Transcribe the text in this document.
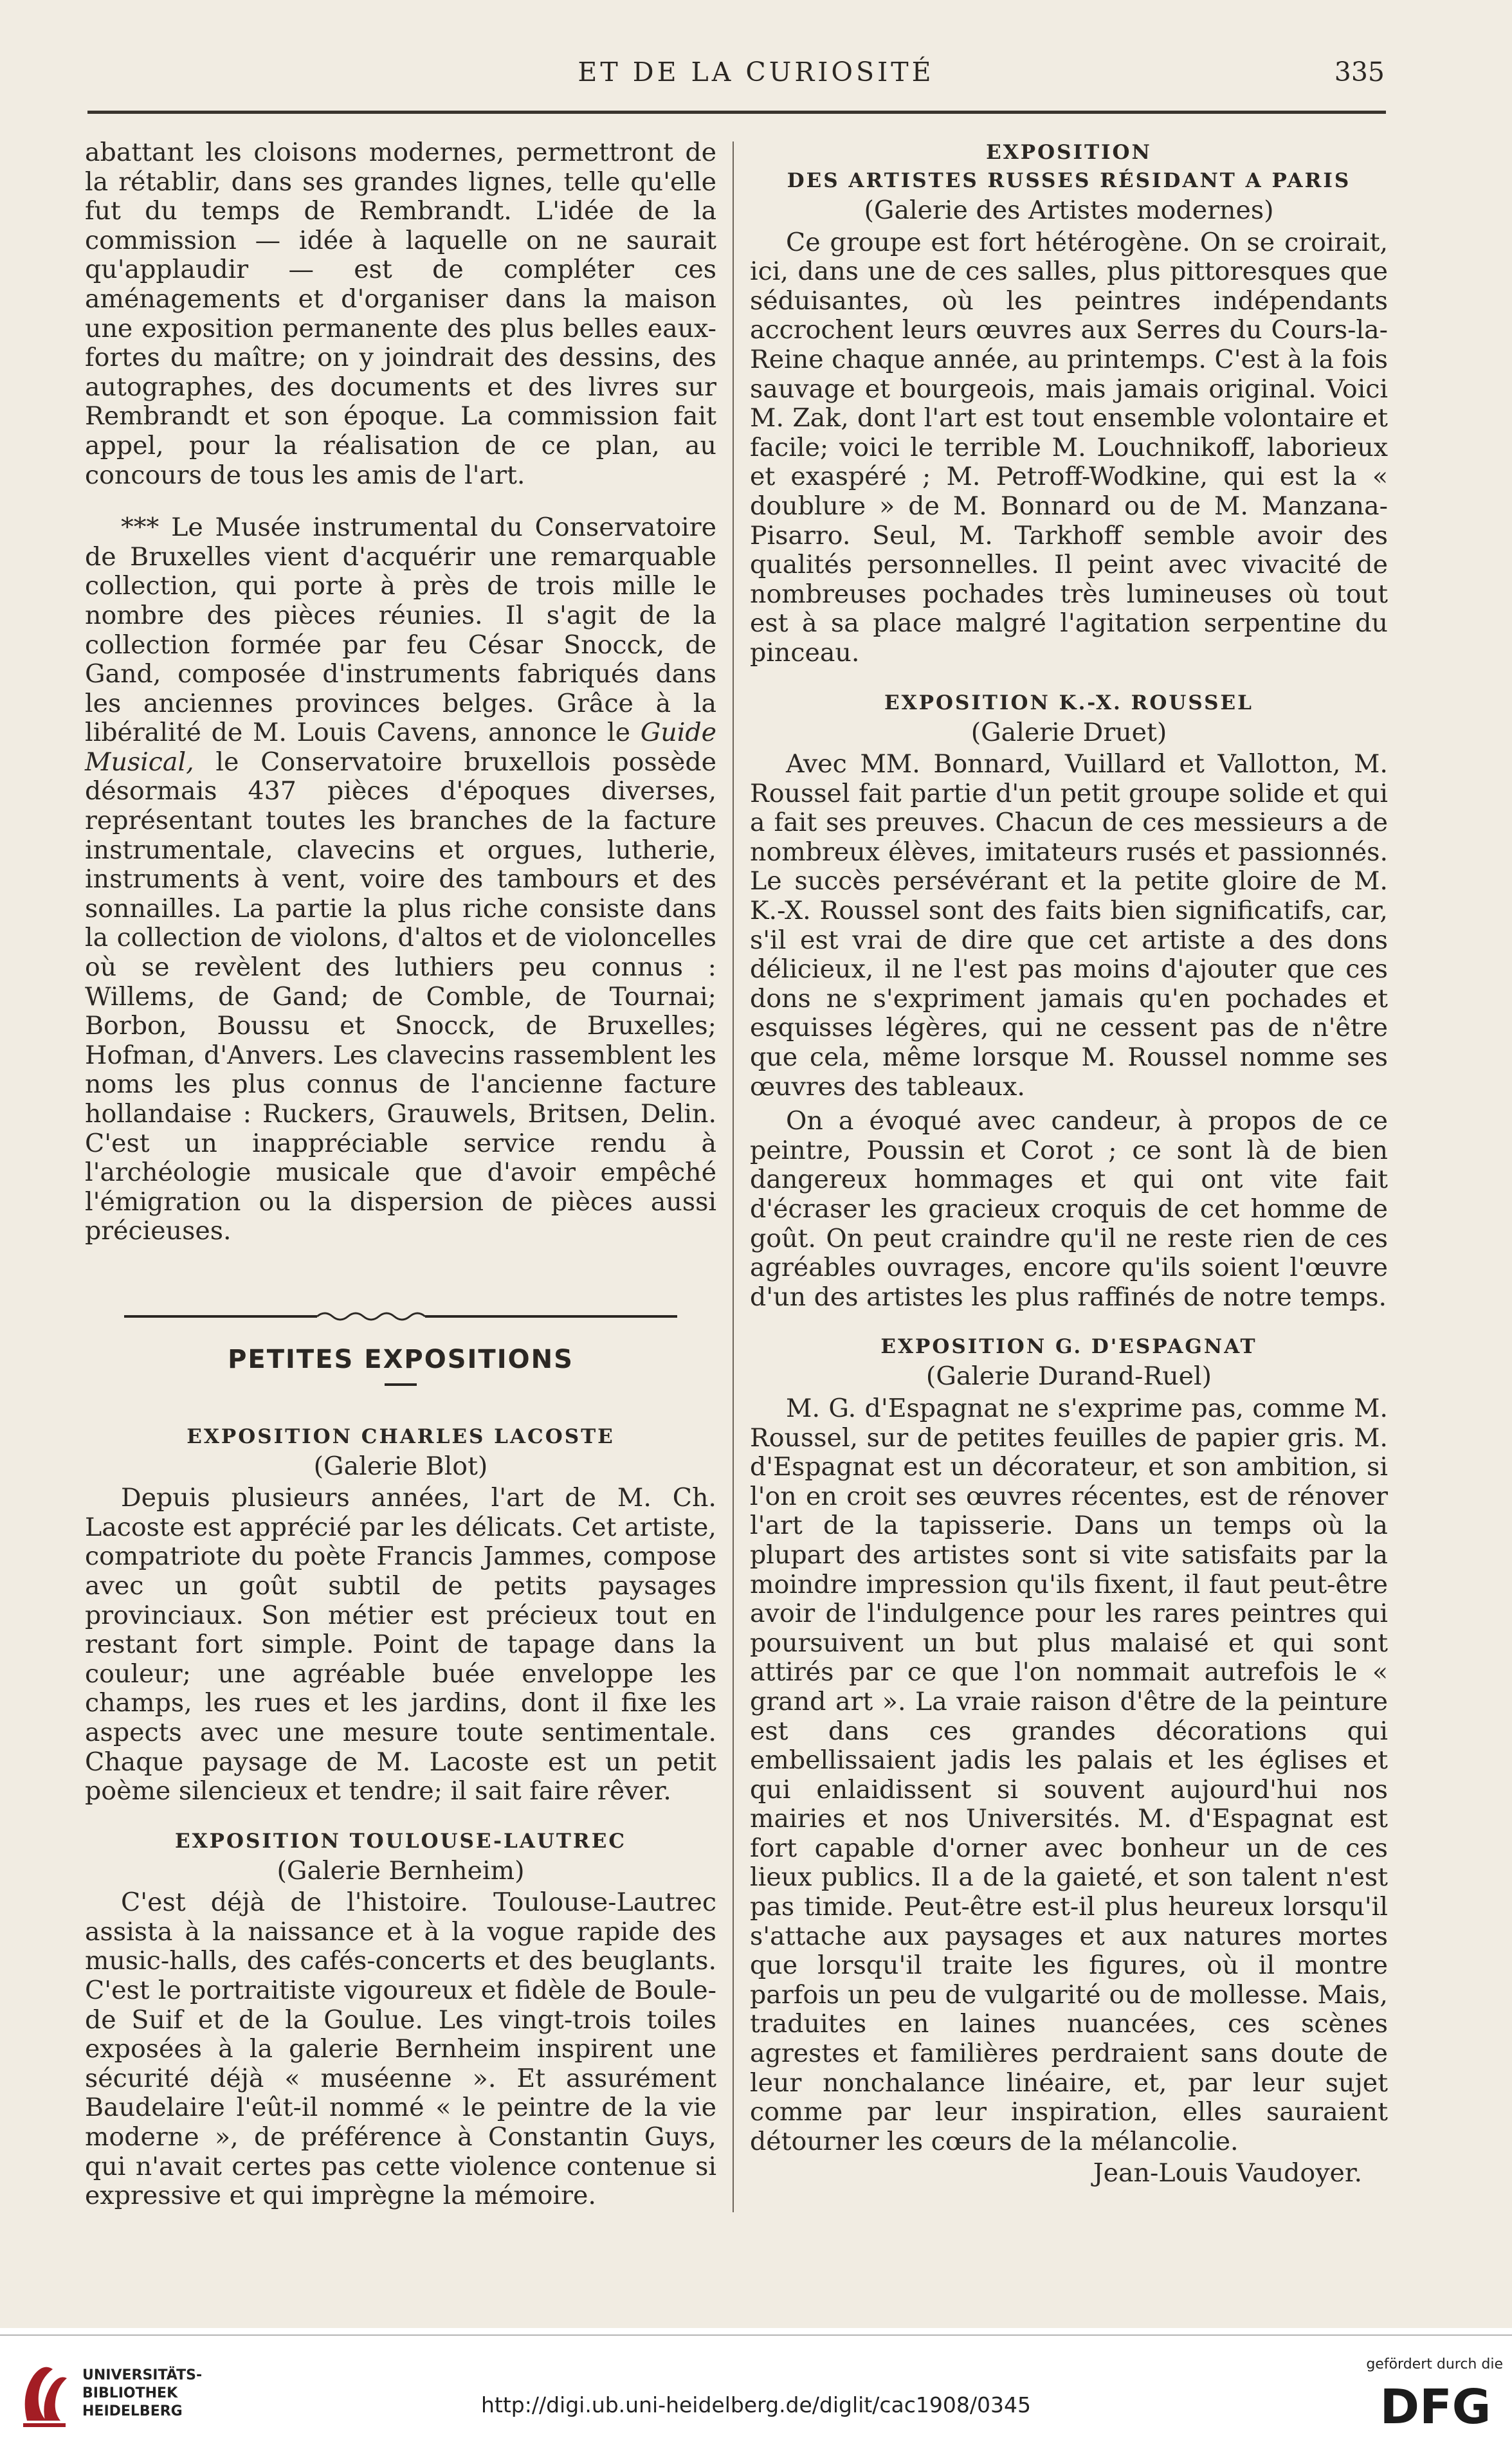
ET DE LA CURIOSITÉ	335

abattant les cloisons modernes, permettront de la rétablir, dans ses grandes lignes, telle qu'elle fut du temps de Rembrandt. L'idée de la commission — idée à laquelle on ne saurait qu'applaudir — est de compléter ces aménagements et d'organiser dans la maison une exposition permanente des plus belles eaux-fortes du maître; on y joindrait des dessins, des autographes, des documents et des livres sur Rembrandt et son époque. La commission fait appel, pour la réalisation de ce plan, au concours de tous les amis de l'art.

*** Le Musée instrumental du Conservatoire de Bruxelles vient d'acquérir une remarquable collection, qui porte à près de trois mille le nombre des pièces réunies. Il s'agit de la collection formée par feu César Snocck, de Gand, composée d'instruments fabriqués dans les anciennes provinces belges. Grâce à la libéralité de M. Louis Cavens, annonce le Guide Musical, le Conservatoire bruxellois possède désormais 437 pièces d'époques diverses, représentant toutes les branches de la facture instrumentale, clavecins et orgues, lutherie, instruments à vent, voire des tambours et des sonnailles. La partie la plus riche consiste dans la collection de violons, d'altos et de violoncelles où se revèlent des luthiers peu connus : Willems, de Gand; de Comble, de Tournai; Borbon, Boussu et Snocck, de Bruxelles; Hofman, d'Anvers. Les clavecins rassemblent les noms les plus connus de l'ancienne facture hollandaise : Ruckers, Grauwels, Britsen, Delin. C'est un inappréciable service rendu à l'archéologie musicale que d'avoir empêché l'émigration ou la dispersion de pièces aussi précieuses.

PETITES EXPOSITIONS
EXPOSITION CHARLES LACOSTE
(Galerie Blot)

Depuis plusieurs années, l'art de M. Ch. Lacoste est apprécié par les délicats. Cet artiste, compatriote du poète Francis Jammes, compose avec un goût subtil de petits paysages provinciaux. Son métier est précieux tout en restant fort simple. Point de tapage dans la couleur; une agréable buée enveloppe les champs, les rues et les jardins, dont il fixe les aspects avec une mesure toute sentimentale. Chaque paysage de M. Lacoste est un petit poème silencieux et tendre; il sait faire rêver.

EXPOSITION TOULOUSE-LAUTREC
(Galerie Bernheim)

C'est déjà de l'histoire. Toulouse-Lautrec assista à la naissance et à la vogue rapide des music-halls, des cafés-concerts et des beuglants. C'est le portraitiste vigoureux et fidèle de Boule-de Suif et de la Goulue. Les vingt-trois toiles exposées à la galerie Bernheim inspirent une sécurité déjà « muséenne ». Et assurément Baudelaire l'eût-il nommé « le peintre de la vie moderne », de préférence à Constantin Guys, qui n'avait certes pas cette violence contenue si expressive et qui imprègne la mémoire.

EXPOSITION
DES ARTISTES RUSSES RÉSIDANT A PARIS
(Galerie des Artistes modernes)

Ce groupe est fort hétérogène. On se croirait, ici, dans une de ces salles, plus pittoresques que séduisantes, où les peintres indépendants accrochent leurs œuvres aux Serres du Cours-la-Reine chaque année, au printemps. C'est à la fois sauvage et bourgeois, mais jamais original. Voici M. Zak, dont l'art est tout ensemble volontaire et facile; voici le terrible M. Louchnikoff, laborieux et exaspéré ; M. Petroff-Wodkine, qui est la « doublure » de M. Bonnard ou de M. Manzana-Pisarro. Seul, M. Tarkhoff semble avoir des qualités personnelles. Il peint avec vivacité de nombreuses pochades très lumineuses où tout est à sa place malgré l'agitation serpentine du pinceau.

EXPOSITION K.-X. ROUSSEL
(Galerie Druet)

Avec MM. Bonnard, Vuillard et Vallotton, M. Roussel fait partie d'un petit groupe solide et qui a fait ses preuves. Chacun de ces messieurs a de nombreux élèves, imitateurs rusés et passionnés. Le succès persévérant et la petite gloire de M. K.-X. Roussel sont des faits bien significatifs, car, s'il est vrai de dire que cet artiste a des dons délicieux, il ne l'est pas moins d'ajouter que ces dons ne s'expriment jamais qu'en pochades et esquisses légères, qui ne cessent pas de n'être que cela, même lorsque M. Roussel nomme ses œuvres des tableaux.

On a évoqué avec candeur, à propos de ce peintre, Poussin et Corot ; ce sont là de bien dangereux hommages et qui ont vite fait d'écraser les gracieux croquis de cet homme de goût. On peut craindre qu'il ne reste rien de ces agréables ouvrages, encore qu'ils soient l'œuvre d'un des artistes les plus raffinés de notre temps.

EXPOSITION G. D'ESPAGNAT
(Galerie Durand-Ruel)

M. G. d'Espagnat ne s'exprime pas, comme M. Roussel, sur de petites feuilles de papier gris. M. d'Espagnat est un décorateur, et son ambition, si l'on en croit ses œuvres récentes, est de rénover l'art de la tapisserie. Dans un temps où la plupart des artistes sont si vite satisfaits par la moindre impression qu'ils fixent, il faut peut-être avoir de l'indulgence pour les rares peintres qui poursuivent un but plus malaisé et qui sont attirés par ce que l'on nommait autrefois le « grand art ». La vraie raison d'être de la peinture est dans ces grandes décorations qui embellissaient jadis les palais et les églises et qui enlaidissent si souvent aujourd'hui nos mairies et nos Universités. M. d'Espagnat est fort capable d'orner avec bonheur un de ces lieux publics. Il a de la gaieté, et son talent n'est pas timide. Peut-être est-il plus heureux lorsqu'il s'attache aux paysages et aux natures mortes que lorsqu'il traite les figures, où il montre parfois un peu de vulgarité ou de mollesse. Mais, traduites en laines nuancées, ces scènes agrestes et familières perdraient sans doute de leur nonchalance linéaire, et, par leur sujet comme par leur inspiration, elles sauraient détourner les cœurs de la mélancolie.

Jean-Louis Vaudoyer.

UNIVERSITÄTS-
BIBLIOTHEK
HEIDELBERG	http://digi.ub.uni-heidelberg.de/diglit/cac1908/0345
gefördert durch die
DFG
